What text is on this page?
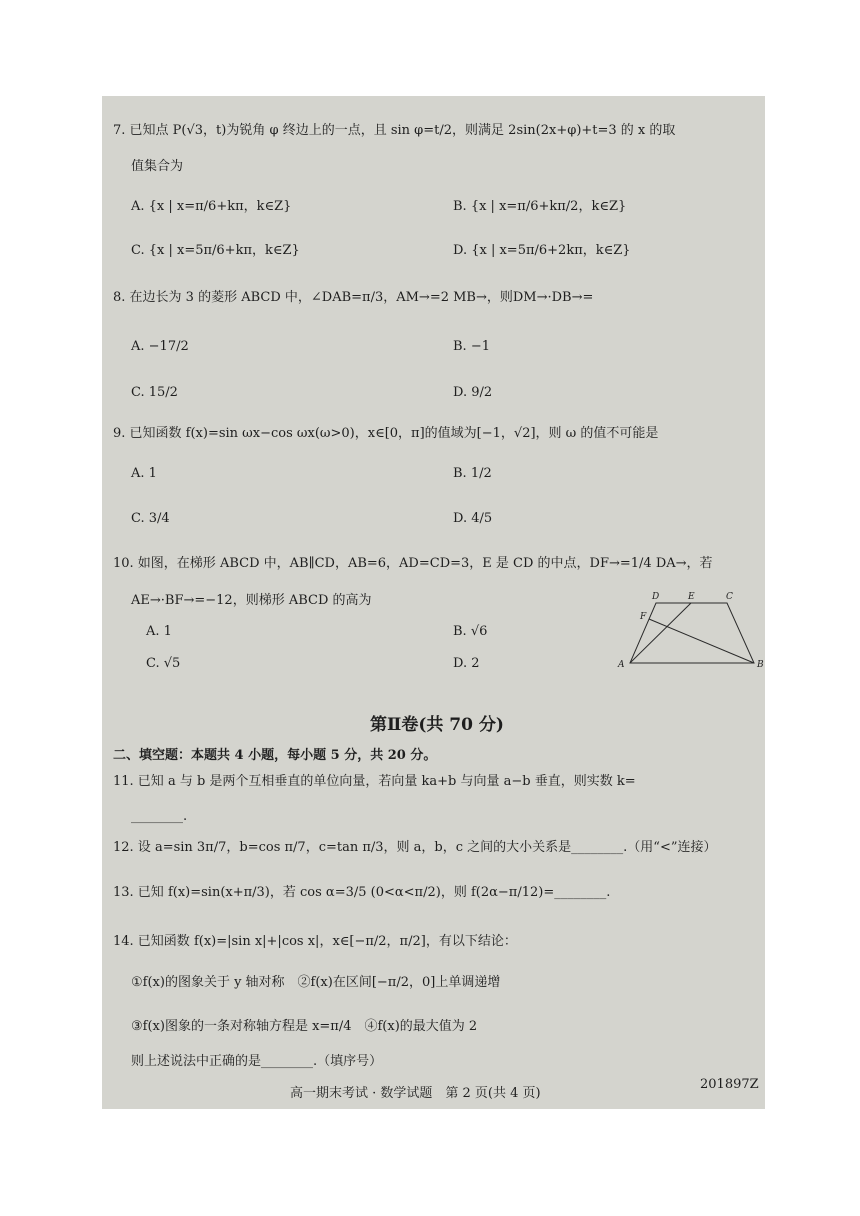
7. 已知点 P(√3，t)为锐角 φ 终边上的一点，且 sin φ=t/2，则满足 2sin(2x+φ)+t=3 的 x 的取
值集合为
A. {x | x=π/6+kπ，k∈Z}	B. {x | x=π/6+kπ/2，k∈Z}
C. {x | x=5π/6+kπ，k∈Z}	D. {x | x=5π/6+2kπ，k∈Z}
8. 在边长为 3 的菱形 ABCD 中，∠DAB=π/3，AM→=2 MB→，则DM→·DB→=
A. −17/2	B. −1
C. 15/2	D. 9/2
9. 已知函数 f(x)=sin ωx−cos ωx(ω>0)，x∈[0，π]的值域为[−1，√2]，则 ω 的值不可能是
A. 1	B. 1/2
C. 3/4	D. 4/5
10. 如图，在梯形 ABCD 中，AB∥CD，AB=6，AD=CD=3，E 是 CD 的中点，DF→=1/4 DA→，若
AE→·BF→=−12，则梯形 ABCD 的高为
A. 1	B. √6
C. √5	D. 2
D	E	C
F
A	B
第Ⅱ卷(共 70 分)
二、填空题：本题共 4 小题，每小题 5 分，共 20 分。
11. 已知 a 与 b 是两个互相垂直的单位向量，若向量 ka+b 与向量 a−b 垂直，则实数 k=
________.
12. 设 a=sin 3π/7，b=cos π/7，c=tan π/3，则 a，b，c 之间的大小关系是________.（用“<”连接）
13. 已知 f(x)=sin(x+π/3)，若 cos α=3/5 (0<α<π/2)，则 f(2α−π/12)=________.
14. 已知函数 f(x)=|sin x|+|cos x|，x∈[−π/2，π/2]，有以下结论：
①f(x)的图象关于 y 轴对称　②f(x)在区间[−π/2，0]上单调递增
③f(x)图象的一条对称轴方程是 x=π/4　④f(x)的最大值为 2
则上述说法中正确的是________.（填序号）
高一期末考试 · 数学试题　第 2 页(共 4 页)
201897Z
